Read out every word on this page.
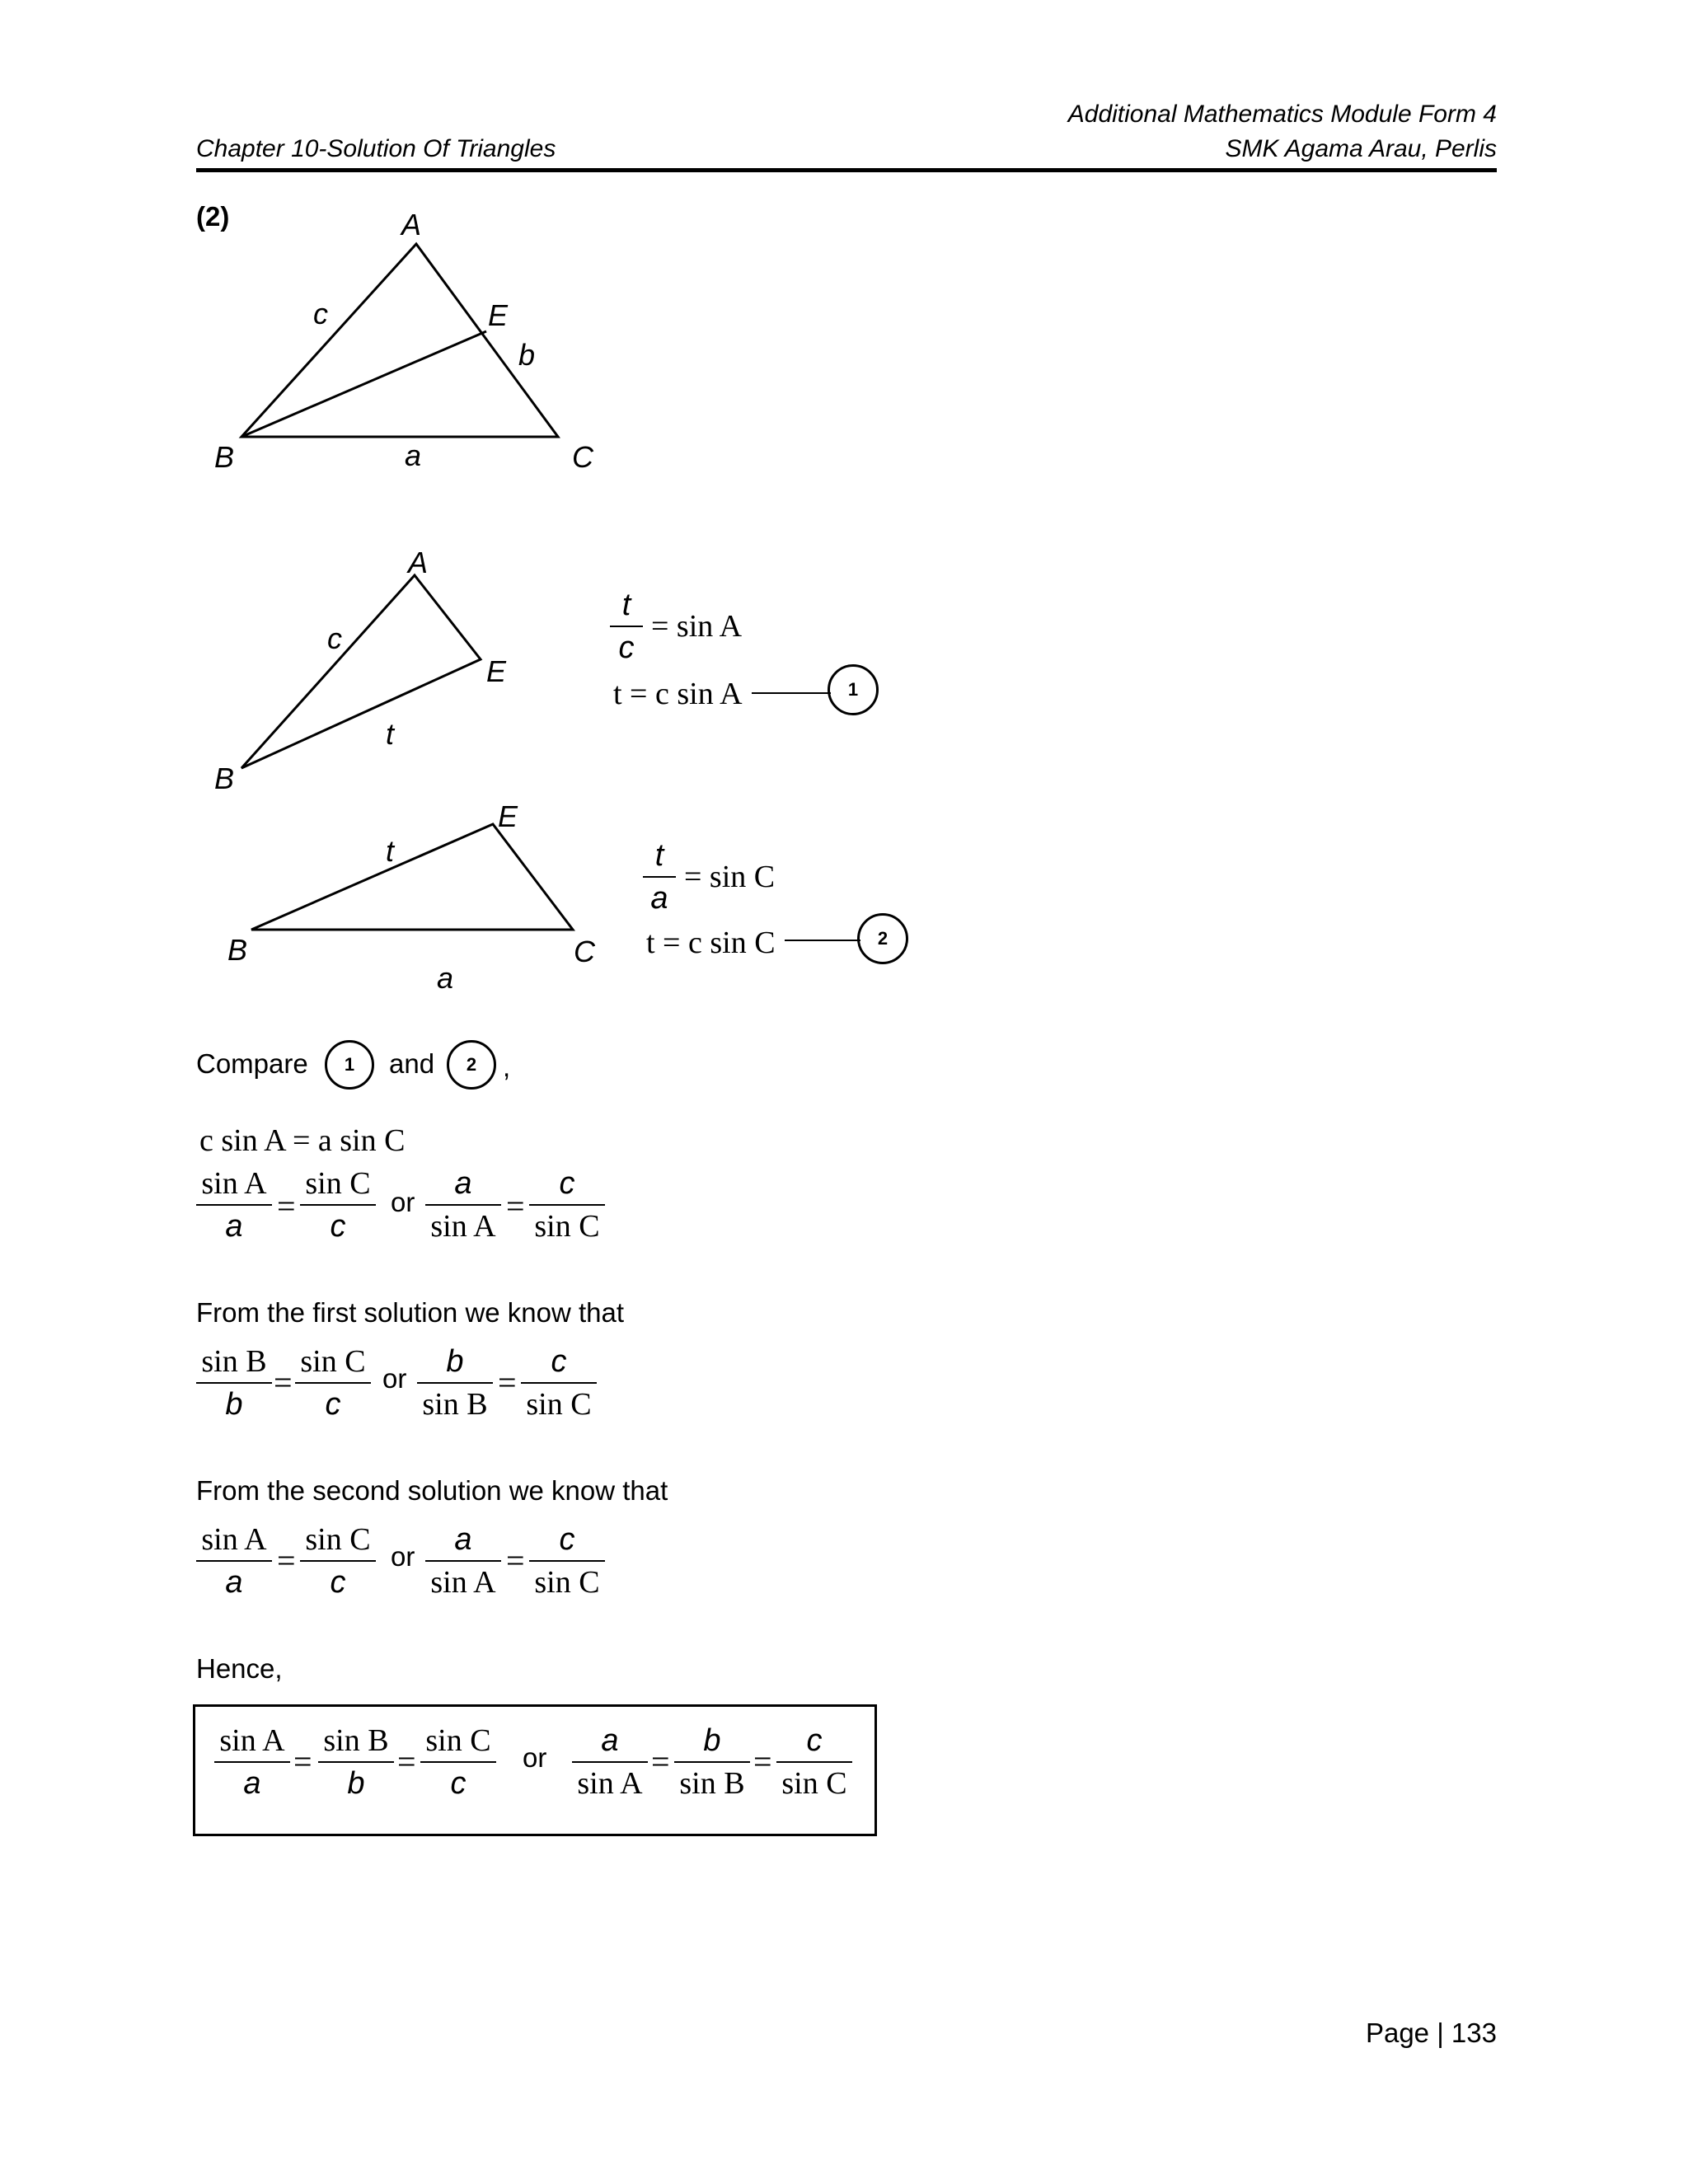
Additional Mathematics Module Form 4
Chapter 10-Solution Of Triangles	SMK Agama Arau, Perlis
(2)	A
B	C
E
a
b
c
A
B
E
c
t
B	C
E
t
a
t
c
= sin A
t = c sin A	1
t
a
= sin C
t = c sin C	2
Compare	1	and	2 ,
c sin A = a sin C
sin A
a
=
sin C
c
or
a
sin A
=
c
sin C
From the first solution we know that
sin B
b
=
sin C
c
or	b
sin B
=
c
sin C
From the second solution we know that
sin A
a
=
sin C
c
or	a
sin A
=
c
sin C
Hence,
sin A
a
=
sin B
b
=
sin C
c
or	a
sin A
=
b
sin B
=
c
sin C
Page | 133
